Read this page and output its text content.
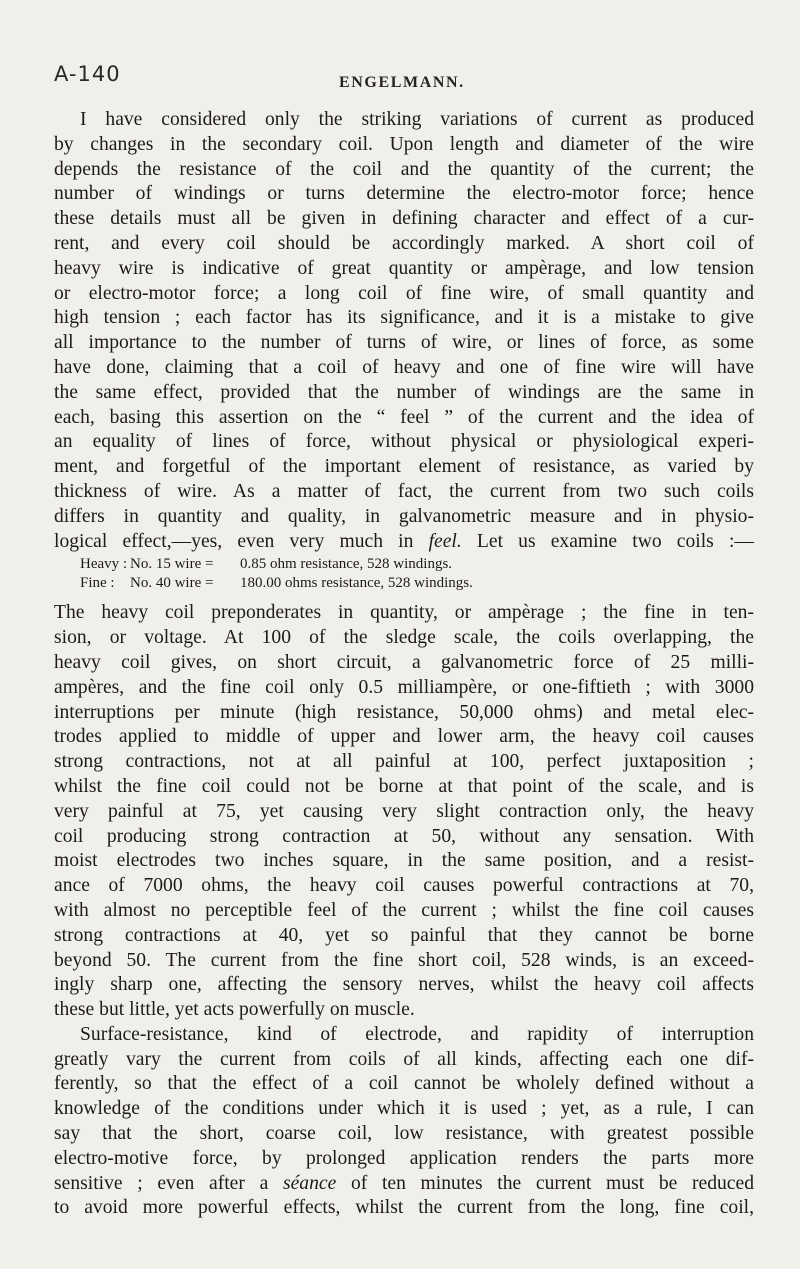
A-140	ENGELMANN.
I have considered only the striking variations of current as produced
by changes in the secondary coil. Upon length and diameter of the wire
depends the resistance of the coil and the quantity of the current; the
number of windings or turns determine the electro-motor force; hence
these details must all be given in defining character and effect of a cur-
rent, and every coil should be accordingly marked. A short coil of
heavy wire is indicative of great quantity or ampèrage, and low tension
or electro-motor force; a long coil of fine wire, of small quantity and
high tension ; each factor has its significance, and it is a mistake to give
all importance to the number of turns of wire, or lines of force, as some
have done, claiming that a coil of heavy and one of fine wire will have
the same effect, provided that the number of windings are the same in
each, basing this assertion on the “ feel ” of the current and the idea of
an equality of lines of force, without physical or physiological experi-
ment, and forgetful of the important element of resistance, as varied by
thickness of wire. As a matter of fact, the current from two such coils
differs in quantity and quality, in galvanometric measure and in physio-
logical effect,—yes, even very much in feel. Let us examine two coils :—
Heavy : No. 15 wire = 0.85 ohm resistance, 528 windings.
Fine : No. 40 wire = 180.00 ohms resistance, 528 windings.
The heavy coil preponderates in quantity, or ampèrage ; the fine in ten-
sion, or voltage. At 100 of the sledge scale, the coils overlapping, the
heavy coil gives, on short circuit, a galvanometric force of 25 milli-
ampères, and the fine coil only 0.5 milliampère, or one-fiftieth ; with 3000
interruptions per minute (high resistance, 50,000 ohms) and metal elec-
trodes applied to middle of upper and lower arm, the heavy coil causes
strong contractions, not at all painful at 100, perfect juxtaposition ;
whilst the fine coil could not be borne at that point of the scale, and is
very painful at 75, yet causing very slight contraction only, the heavy
coil producing strong contraction at 50, without any sensation. With
moist electrodes two inches square, in the same position, and a resist-
ance of 7000 ohms, the heavy coil causes powerful contractions at 70,
with almost no perceptible feel of the current ; whilst the fine coil causes
strong contractions at 40, yet so painful that they cannot be borne
beyond 50. The current from the fine short coil, 528 winds, is an exceed-
ingly sharp one, affecting the sensory nerves, whilst the heavy coil affects
these but little, yet acts powerfully on muscle.
Surface-resistance, kind of electrode, and rapidity of interruption
greatly vary the current from coils of all kinds, affecting each one dif-
ferently, so that the effect of a coil cannot be wholely defined without a
knowledge of the conditions under which it is used ; yet, as a rule, I can
say that the short, coarse coil, low resistance, with greatest possible
electro-motive force, by prolonged application renders the parts more
sensitive ; even after a séance of ten minutes the current must be reduced
to avoid more powerful effects, whilst the current from the long, fine coil,
